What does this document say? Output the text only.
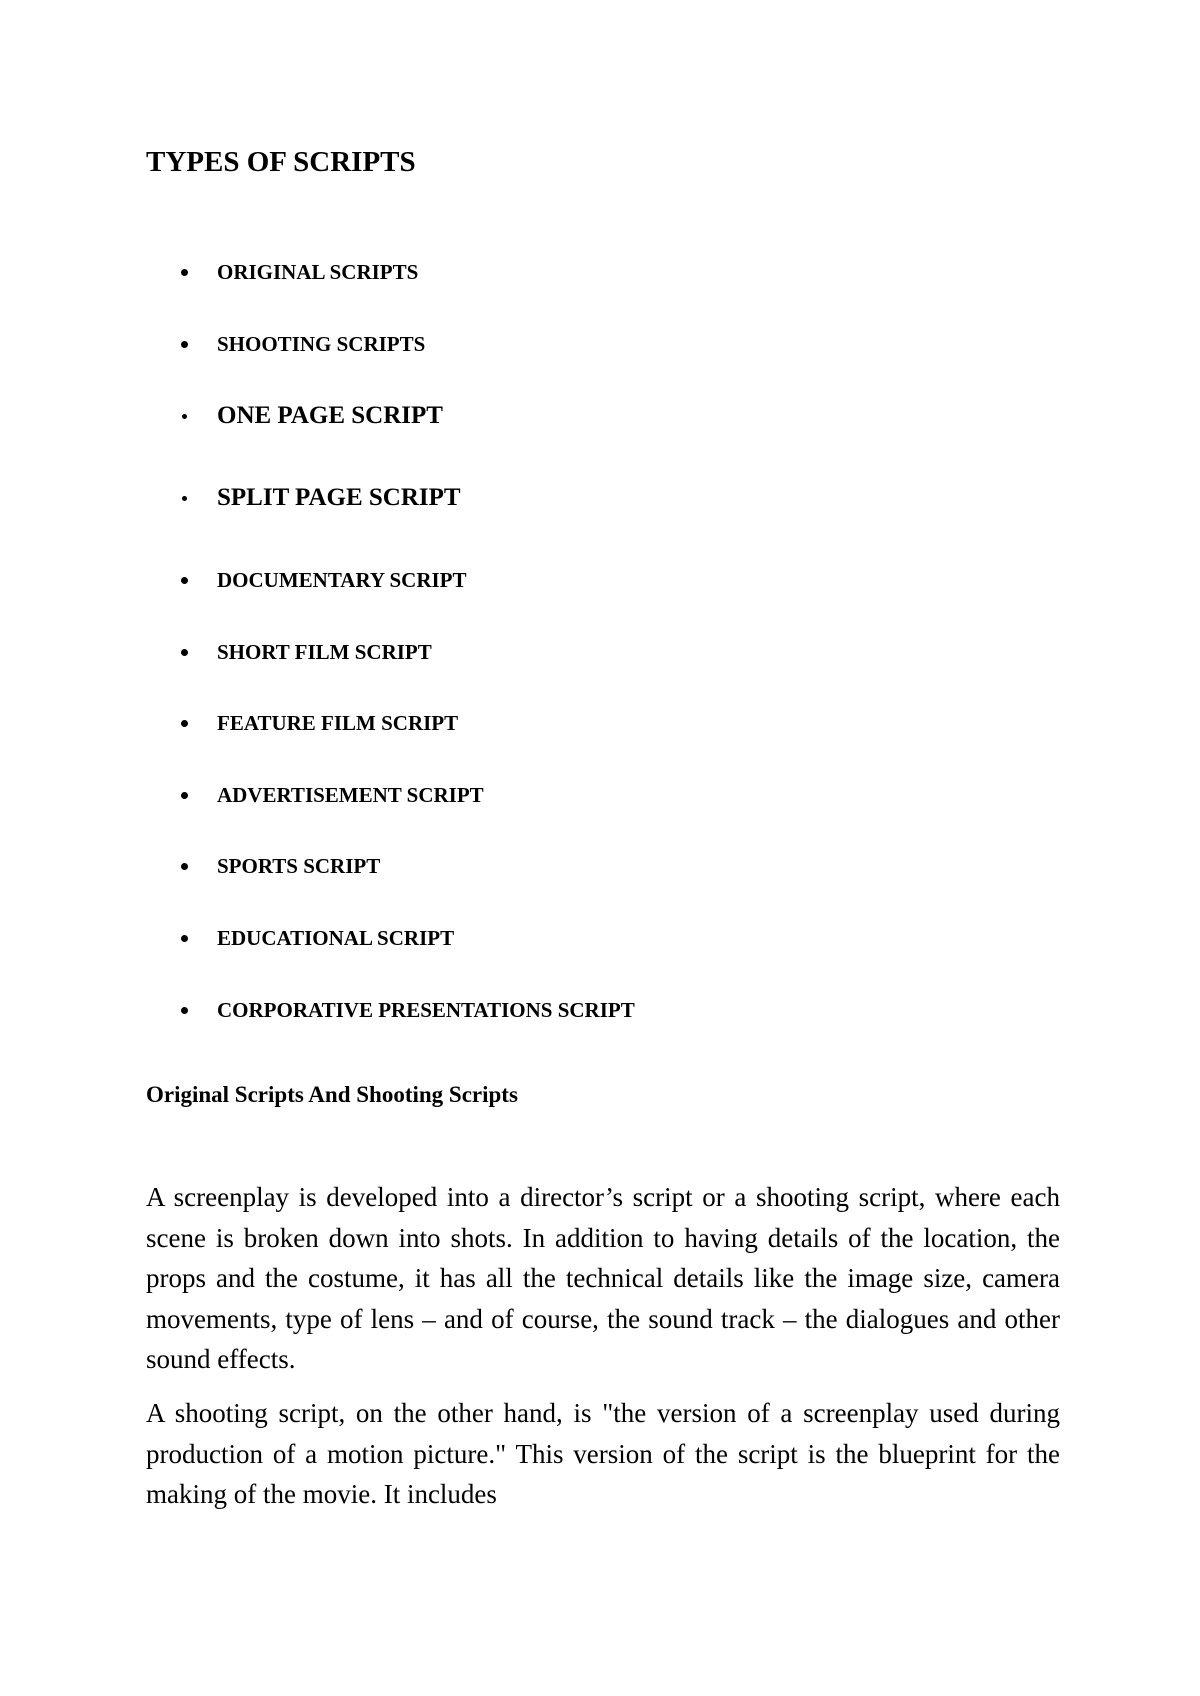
TYPES OF SCRIPTS
ORIGINAL SCRIPTS
SHOOTING SCRIPTS
ONE PAGE SCRIPT
SPLIT PAGE SCRIPT
DOCUMENTARY SCRIPT
SHORT FILM SCRIPT
FEATURE FILM SCRIPT
ADVERTISEMENT SCRIPT
SPORTS SCRIPT
EDUCATIONAL SCRIPT
CORPORATIVE PRESENTATIONS SCRIPT
Original Scripts And Shooting Scripts

A screenplay is developed into a director’s script or a shooting script, where each scene is broken down into shots. In addition to having details of the location, the props and the costume, it has all the technical details like the image size, camera movements, type of lens – and of course, the sound track – the dialogues and other sound effects.

A shooting script, on the other hand, is "the version of a screenplay used during production of a motion picture." This version of the script is the blueprint for the making of the movie. It includes
